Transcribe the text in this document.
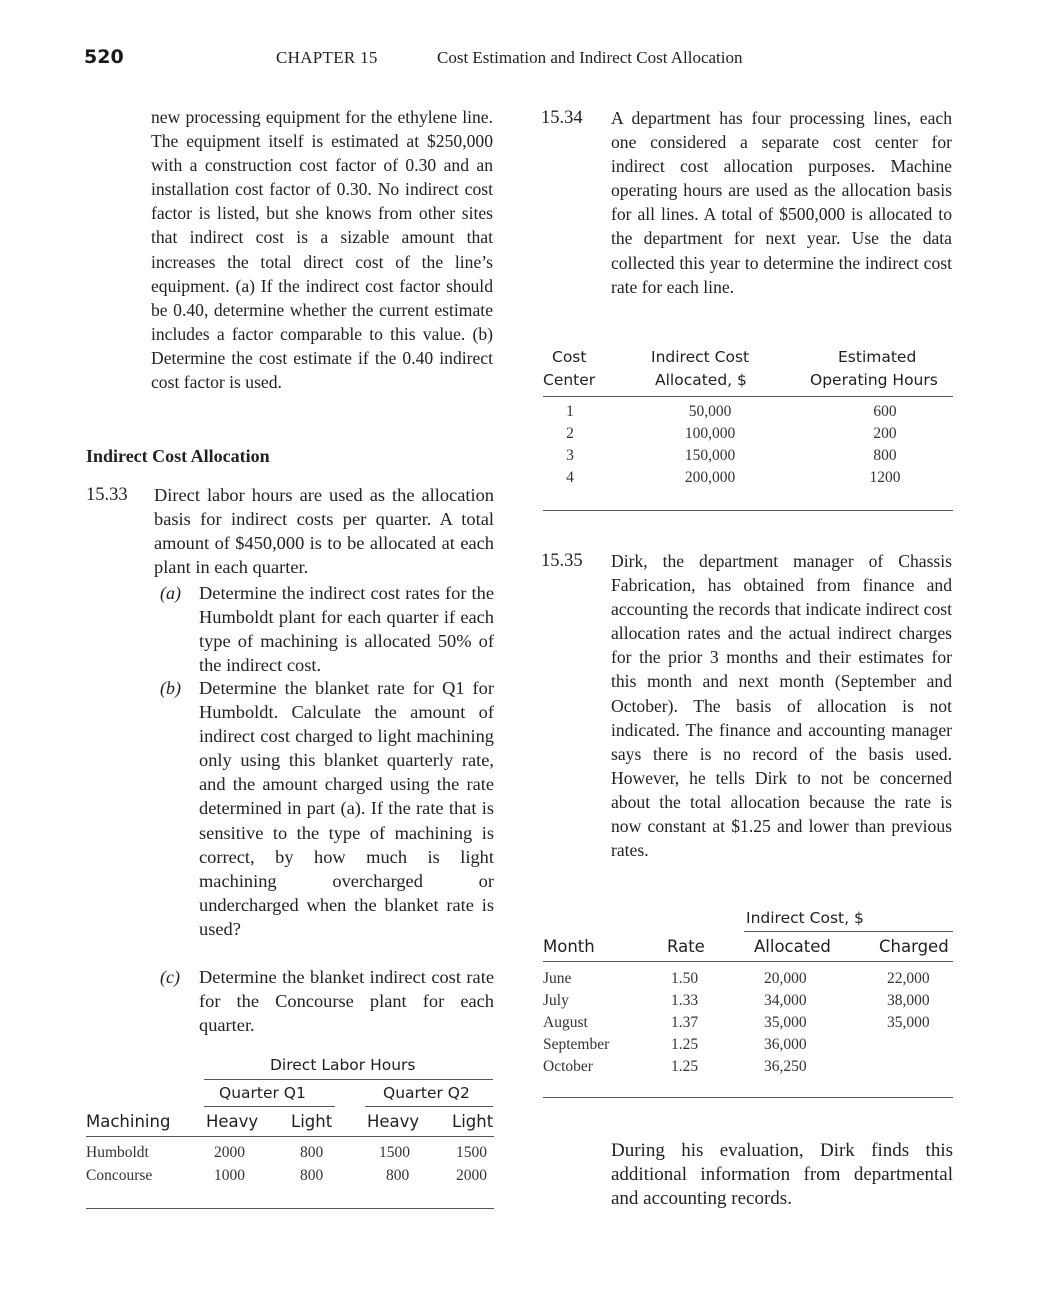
520	CHAPTER 15	Cost Estimation and Indirect Cost Allocation

new processing equipment for the ethylene line. The equipment itself is estimated at $250,000 with a construction cost factor of 0.30 and an installation cost factor of 0.30. No indirect cost factor is listed, but she knows from other sites that indirect cost is a sizable amount that increases the total direct cost of the line’s equipment. (a) If the indirect cost factor should be 0.40, determine whether the current estimate includes a factor comparable to this value. (b) Determine the cost estimate if the 0.40 indirect cost factor is used.

Indirect Cost Allocation
15.33 Direct labor hours are used as the allocation basis for indirect costs per quarter. A total amount of $450,000 is to be allocated at each plant in each quarter.

(a) Determine the indirect cost rates for the Humboldt plant for each quarter if each type of machining is allocated 50% of the indirect cost.

(b) Determine the blanket rate for Q1 for Humboldt. Calculate the amount of indirect cost charged to light machining only using this blanket quarterly rate, and the amount charged using the rate determined in part (a). If the rate that is sensitive to the type of machining is correct, by how much is light machining overcharged or undercharged when the blanket rate is used?

(c) Determine the blanket indirect cost rate for the Concourse plant for each quarter.

Direct Labor Hours
Quarter Q1	Quarter Q2
Machining Heavy Light Heavy Light
Humboldt	2000	800	1500	1500
Concourse	1000	800	800	2000
15.34 A department has four processing lines, each one considered a separate cost center for indirect cost allocation purposes. Machine operating hours are used as the allocation basis for all lines. A total of $500,000 is allocated to the department for next year. Use the data collected this year to determine the indirect cost rate for each line.

Cost
Center
Indirect Cost
Allocated, $
Estimated
Operating Hours
1	50,000	600
2	100,000	200
3	150,000	800
4	200,000	1200
15.35 Dirk, the department manager of Chassis Fabrication, has obtained from finance and accounting the records that indicate indirect cost allocation rates and the actual indirect charges for the prior 3 months and their estimates for this month and next month (September and October). The basis of allocation is not indicated. The finance and accounting manager says there is no record of the basis used. However, he tells Dirk to not be concerned about the total allocation because the rate is now constant at $1.25 and lower than previous rates.

Indirect Cost, $
Month	Rate	Allocated	Charged
June	1.50	20,000	22,000
July	1.33	34,000	38,000
August	1.37	35,000	35,000
September	1.25	36,000
October	1.25	36,250

During his evaluation, Dirk finds this additional information from departmental and accounting records.
